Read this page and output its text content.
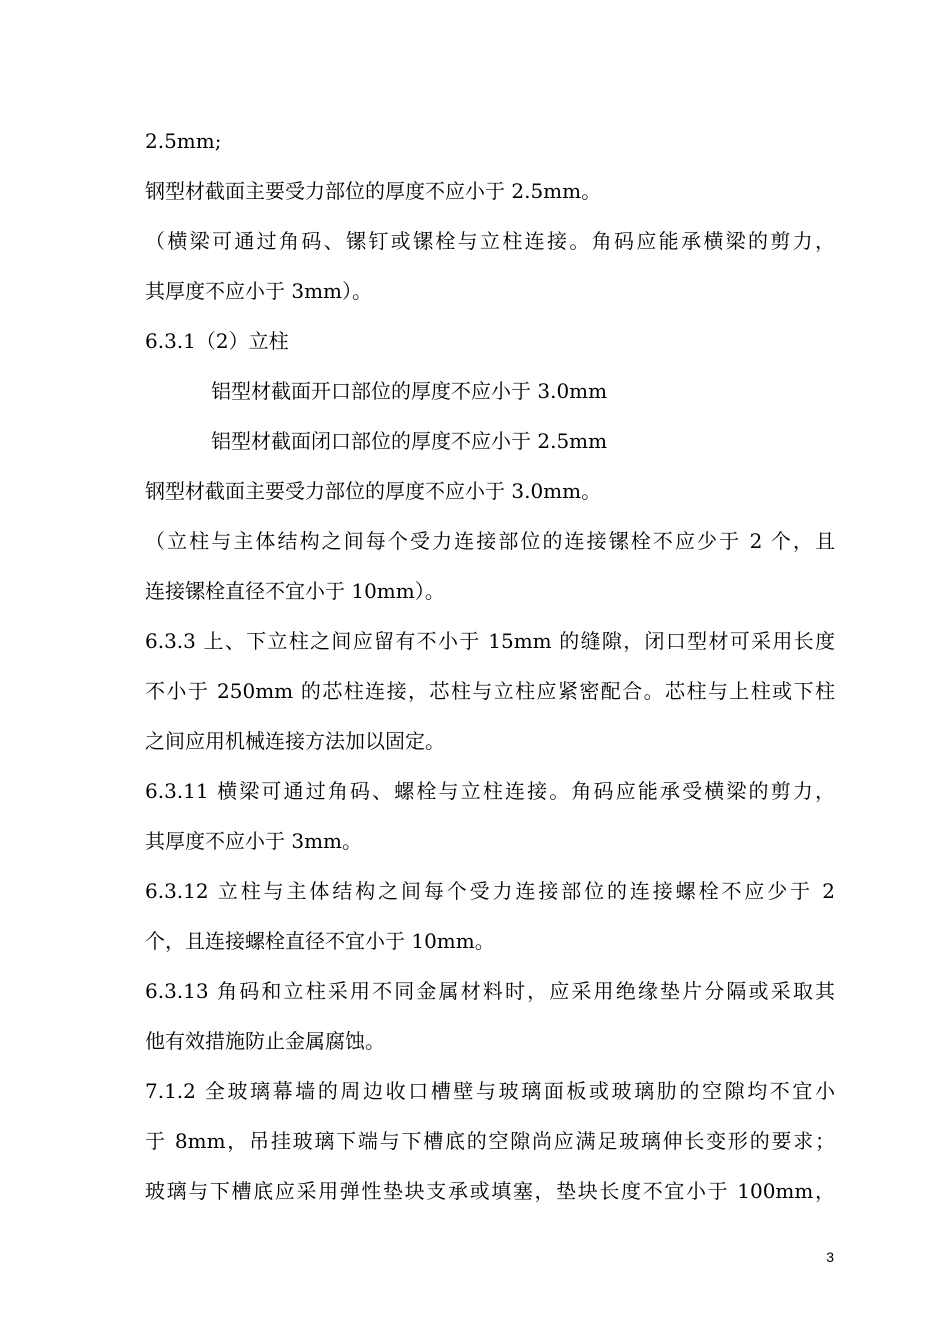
2.5mm;
钢型材截面主要受力部位的厚度不应小于 2.5mm。
（横梁可通过角码、镙钉或镙栓与立柱连接。角码应能承横梁的剪力，
其厚度不应小于 3mm）。
6.3.1（2）立柱
铝型材截面开口部位的厚度不应小于 3.0mm
铝型材截面闭口部位的厚度不应小于 2.5mm
钢型材截面主要受力部位的厚度不应小于 3.0mm。
（立柱与主体结构之间每个受力连接部位的连接镙栓不应少于 2 个，且
连接镙栓直径不宜小于 10mm）。
6.3.3 上、下立柱之间应留有不小于 15mm 的缝隙，闭口型材可采用长度
不小于 250mm 的芯柱连接，芯柱与立柱应紧密配合。芯柱与上柱或下柱
之间应用机械连接方法加以固定。
6.3.11 横梁可通过角码、螺栓与立柱连接。角码应能承受横梁的剪力，
其厚度不应小于 3mm。
6.3.12 立柱与主体结构之间每个受力连接部位的连接螺栓不应少于 2
个，且连接螺栓直径不宜小于 10mm。
6.3.13 角码和立柱采用不同金属材料时，应采用绝缘垫片分隔或采取其
他有效措施防止金属腐蚀。
7.1.2 全玻璃幕墙的周边收口槽壁与玻璃面板或玻璃肋的空隙均不宜小
于 8mm，吊挂玻璃下端与下槽底的空隙尚应满足玻璃伸长变形的要求；
玻璃与下槽底应采用弹性垫块支承或填塞，垫块长度不宜小于 100mm，
3
